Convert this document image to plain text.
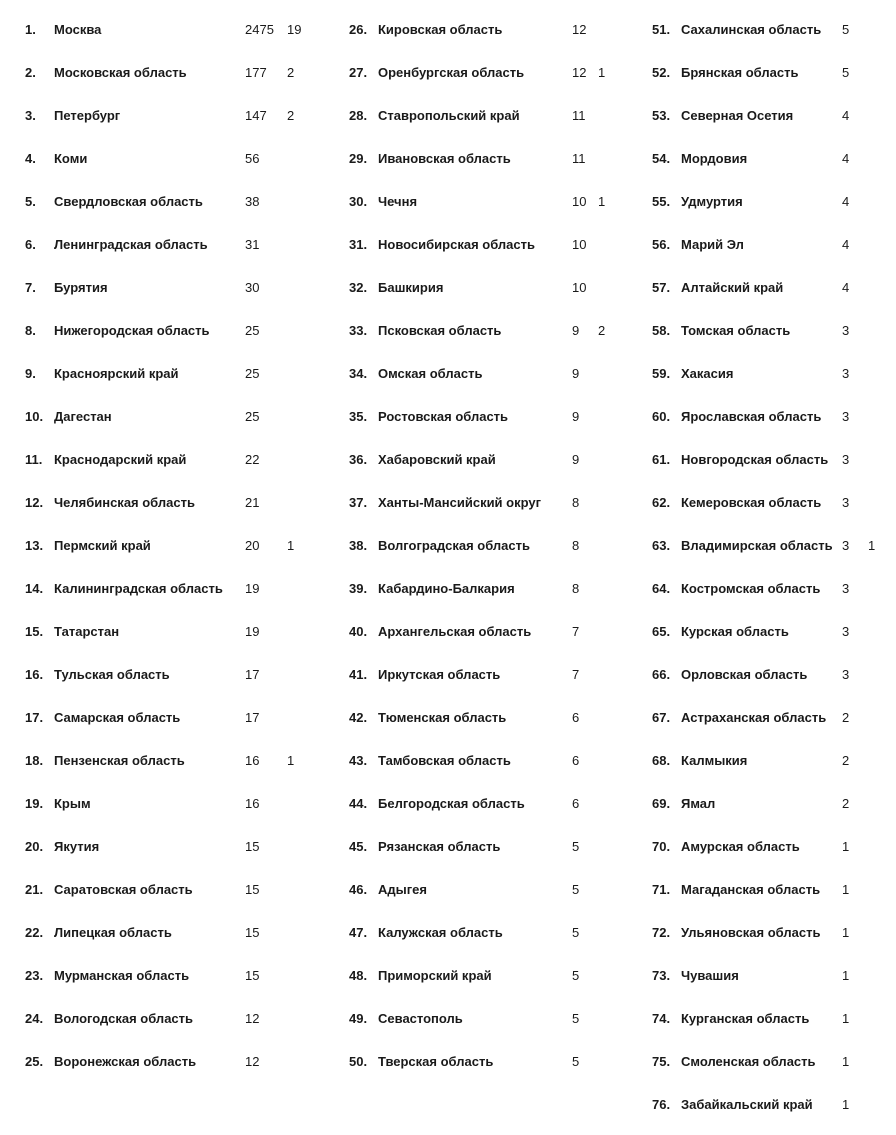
1. Москва	2475 19
2. Московская область	177 2
3. Петербург	147 2
4. Коми	56
5. Свердловская область	38
6. Ленинградская область	31
7. Бурятия	30
8. Нижегородская область	25
9. Красноярский край	25
10. Дагестан	25
11. Краснодарский край	22
12. Челябинская область	21
13. Пермский край	20 1
14. Калининградская область 19
15. Татарстан	19
16. Тульская область	17
17. Самарская область	17
18. Пензенская область	16 1
19. Крым	16
20. Якутия	15
21. Саратовская область	15
22. Липецкая область	15
23. Мурманская область	15
24. Вологодская область	12
25. Воронежская область	12
26. Кировская область	12
27. Оренбургская область	12 1
28. Ставропольский край	11
29. Ивановская область	11
30. Чечня	10 1
31. Новосибирская область	10
32. Башкирия	10
33. Псковская область	9 2
34. Омская область	9
35. Ростовская область	9
36. Хабаровский край	9
37. Ханты-Мансийский округ 8
38. Волгоградская область	8
39. Кабардино-Балкария	8
40. Архангельская область	7
41. Иркутская область	7
42. Тюменская область	6
43. Тамбовская область	6
44. Белгородская область	6
45. Рязанская область	5
46. Адыгея	5
47. Калужская область	5
48. Приморский край	5
49. Севастополь	5
50. Тверская область	5
51. Сахалинская область 5
52. Брянская область	5
53. Северная Осетия	4
54. Мордовия	4
55. Удмуртия	4
56. Марий Эл	4
57. Алтайский край	4
58. Томская область	3
59. Хакасия	3
60. Ярославская область 3
61. Новгородская область 3
62. Кемеровская область 3
63. Владимирская область 3 1
64. Костромская область 3
65. Курская область	3
66. Орловская область	3
67. Астраханская область 2
68. Калмыкия	2
69. Ямал	2
70. Амурская область	1
71. Магаданская область 1
72. Ульяновская область 1
73. Чувашия	1
74. Курганская область	1
75. Смоленская область 1
76. Забайкальский край 1
